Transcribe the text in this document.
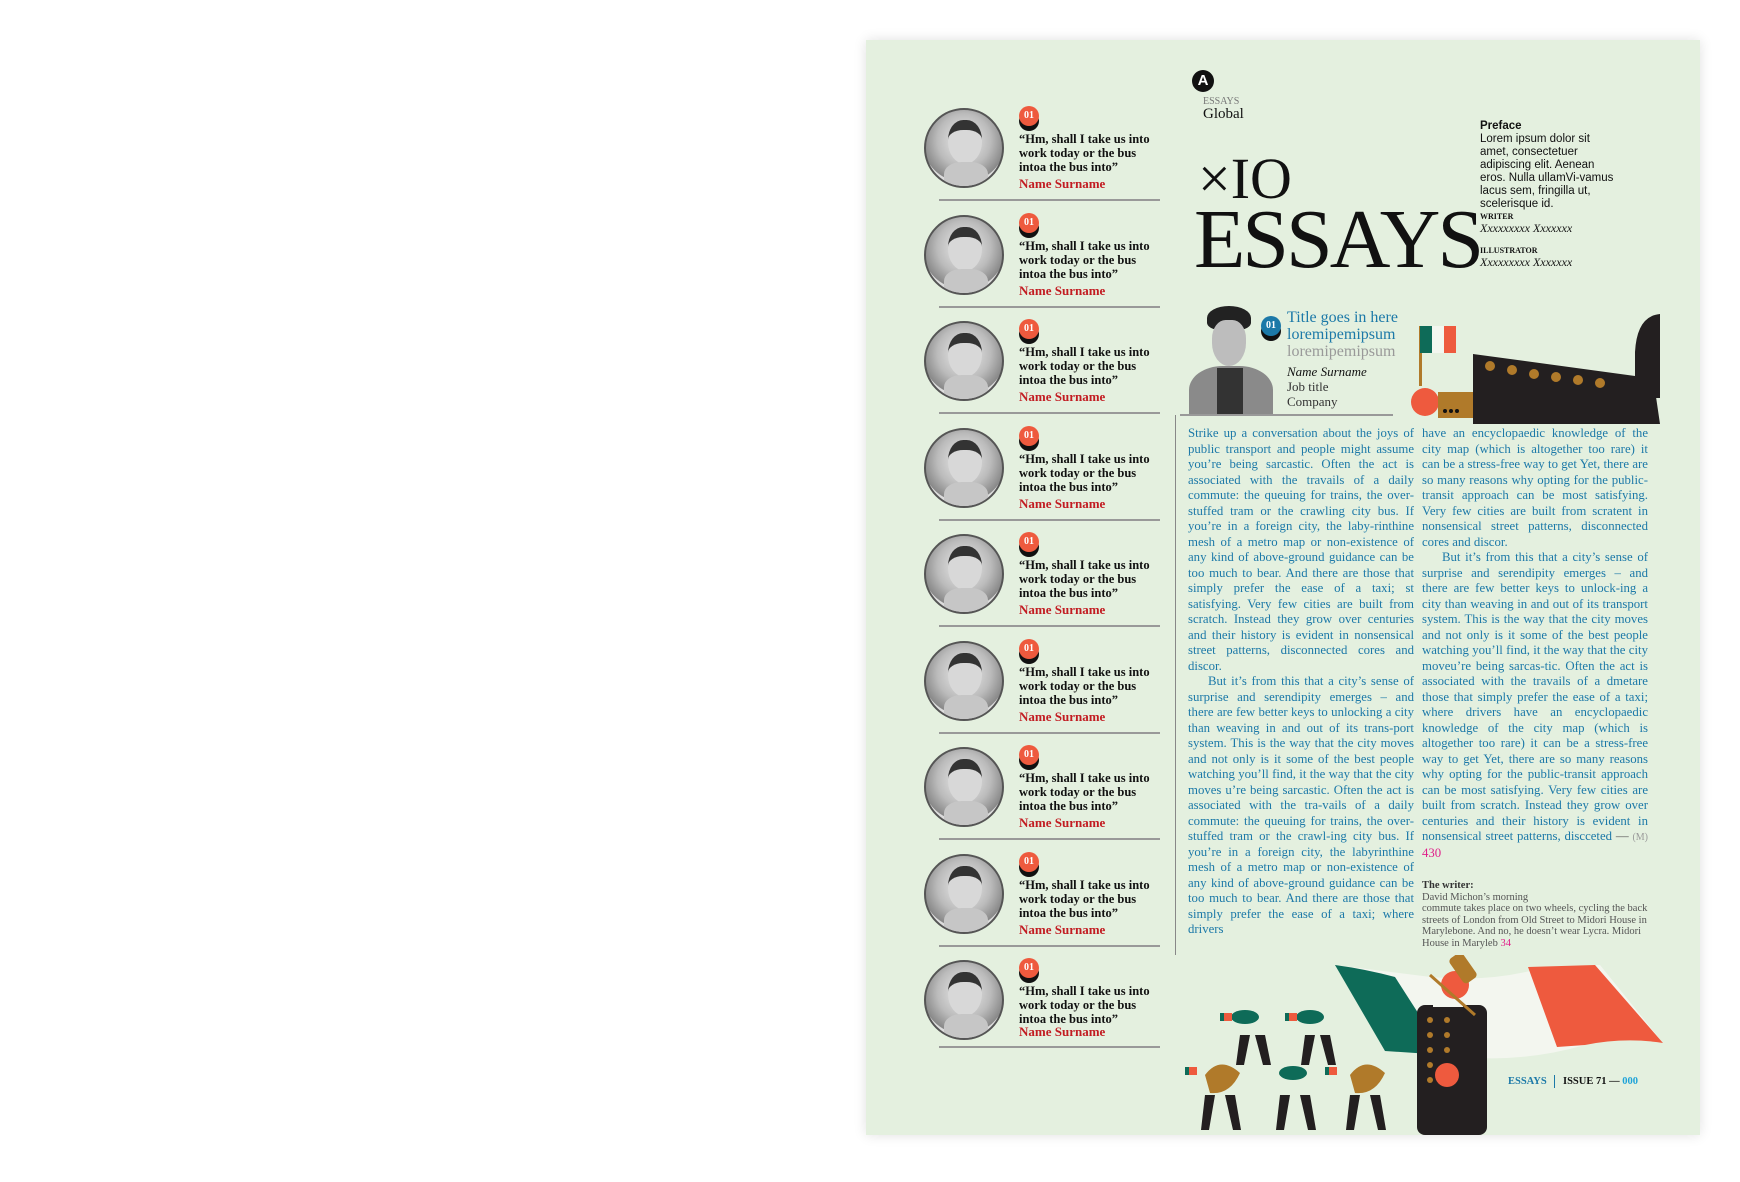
A
ESSAYS
Global
×IO
ESSAYS
Preface
Lorem ipsum dolor sit amet, consectetuer adipiscing elit. Aenean eros. Nulla ullamVi-vamus lacus sem, fringilla ut, scelerisque id.
WRITER
Xxxxxxxxx Xxxxxxx
ILLUSTRATOR
Xxxxxxxxx Xxxxxxx
01 Title goes in here
loremipemipsum
loremipemipsum
Name Surname
Job title
Company
01
“Hm, shall I take us into work today or the bus intoa the bus into”
Name Surname
01
“Hm, shall I take us into work today or the bus intoa the bus into”
Name Surname
01
“Hm, shall I take us into work today or the bus intoa the bus into”
Name Surname
01
“Hm, shall I take us into work today or the bus intoa the bus into”
Name Surname
01
“Hm, shall I take us into work today or the bus intoa the bus into”
Name Surname
01
“Hm, shall I take us into work today or the bus intoa the bus into”
Name Surname
01
“Hm, shall I take us into work today or the bus intoa the bus into”
Name Surname
01
“Hm, shall I take us into work today or the bus intoa the bus into”
Name Surname
01
“Hm, shall I take us into work today or the bus intoa the bus into”
Name Surname

Strike up a conversation about the joys of public transport and people might assume you’re being sarcastic. Often the act is associated with the travails of a daily commute: the queuing for trains, the over-stuffed tram or the crawling city bus. If you’re in a foreign city, the laby-rinthine mesh of a metro map or non-existence of any kind of above-ground guidance can be too much to bear. And there are those that simply prefer the ease of a taxi; st satisfying. Very few cities are built from scratch. Instead they grow over centuries and their history is evident in nonsensical street patterns, disconnected cores and discor.

But it’s from this that a city’s sense of surprise and serendipity emerges – and there are few better keys to unlocking a city than weaving in and out of its trans-port system. This is the way that the city moves and not only is it some of the best people watching you’ll find, it the way that the city moves u’re being sarcastic. Often the act is associated with the tra-vails of a daily commute: the queuing for trains, the over-stuffed tram or the crawl-ing city bus. If you’re in a foreign city, the labyrinthine mesh of a metro map or non-existence of any kind of above-ground guidance can be too much to bear. And there are those that simply prefer the ease of a taxi; where drivers

have an encyclopaedic knowledge of the city map (which is altogether too rare) it can be a stress-free way to get Yet, there are so many reasons why opting for the public-transit approach can be most satisfying. Very few cities are built from scratent in nonsensical street patterns, disconnected cores and discor.

But it’s from this that a city’s sense of surprise and serendipity emerges – and there are few better keys to unlock-ing a city than weaving in and out of its transport system. This is the way that the city moves and not only is it some of the best people watching you’ll find, it the way that the city moveu’re being sarcas-tic. Often the act is associated with the travails of a dmetare those that simply prefer the ease of a taxi; where drivers have an encyclopaedic knowledge of the city map (which is altogether too rare) it can be a stress-free way to get Yet, there are so many reasons why opting for the public-transit approach can be most satisfying. Very few cities are built from scratch. Instead they grow over centuries and their history is evident in nonsensical street patterns, discceted — (M) 430

The writer:
David Michon’s morning
commute takes place on two wheels, cycling the back streets of London from Old Street to Midori House in Marylebone. And no, he doesn’t wear Lycra. Midori House in Maryleb 34
ESSAYS ISSUE 71 — 000
